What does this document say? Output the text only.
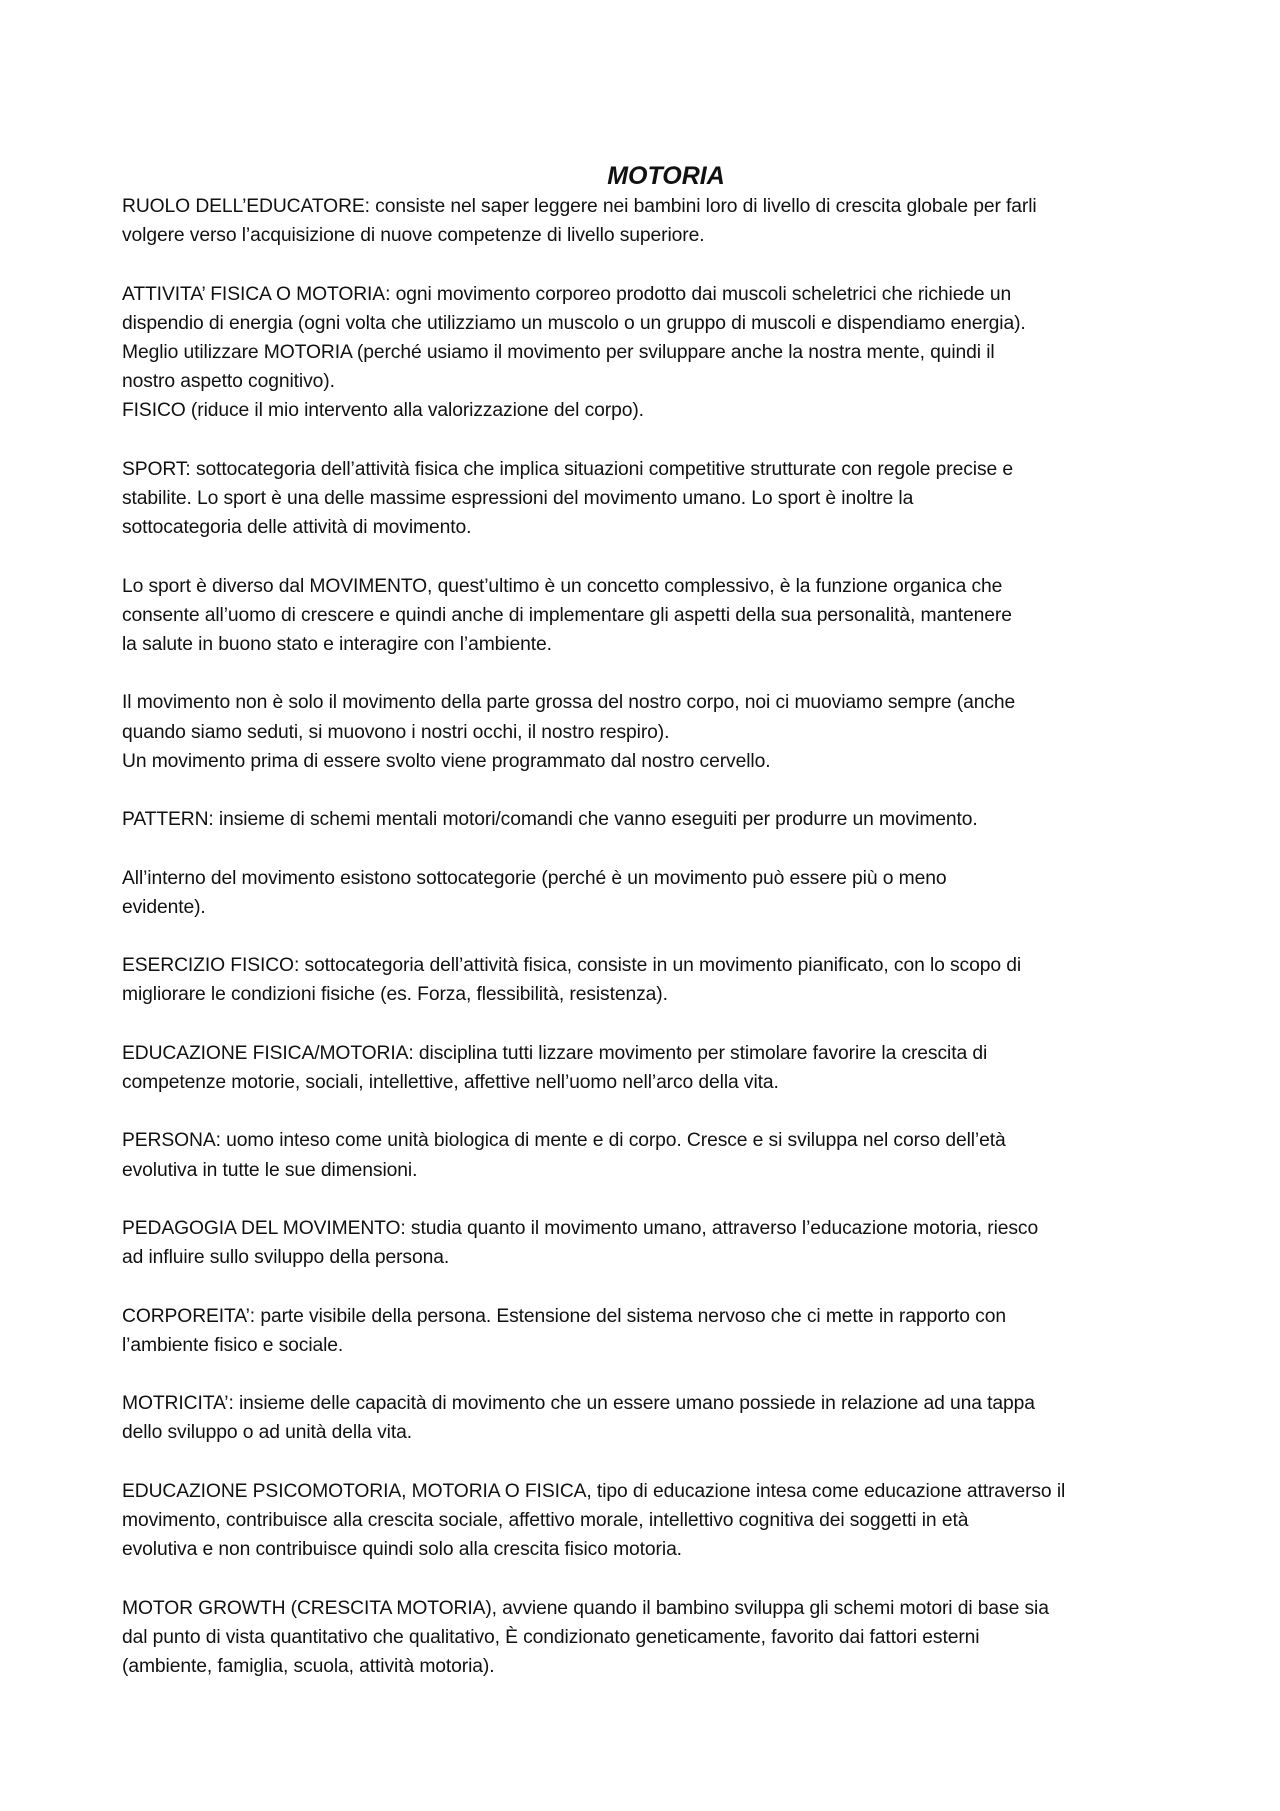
MOTORIA

RUOLO DELL’EDUCATORE: consiste nel saper leggere nei bambini loro di livello di crescita globale per farli
volgere verso l’acquisizione di nuove competenze di livello superiore.

ATTIVITA’ FISICA O MOTORIA: ogni movimento corporeo prodotto dai muscoli scheletrici che richiede un
dispendio di energia (ogni volta che utilizziamo un muscolo o un gruppo di muscoli e dispendiamo energia).
Meglio utilizzare MOTORIA (perché usiamo il movimento per sviluppare anche la nostra mente, quindi il
nostro aspetto cognitivo).
FISICO (riduce il mio intervento alla valorizzazione del corpo).

SPORT: sottocategoria dell’attività fisica che implica situazioni competitive strutturate con regole precise e
stabilite. Lo sport è una delle massime espressioni del movimento umano. Lo sport è inoltre la
sottocategoria delle attività di movimento.

Lo sport è diverso dal MOVIMENTO, quest’ultimo è un concetto complessivo, è la funzione organica che
consente all’uomo di crescere e quindi anche di implementare gli aspetti della sua personalità, mantenere
la salute in buono stato e interagire con l’ambiente.

Il movimento non è solo il movimento della parte grossa del nostro corpo, noi ci muoviamo sempre (anche
quando siamo seduti, si muovono i nostri occhi, il nostro respiro).
Un movimento prima di essere svolto viene programmato dal nostro cervello.

PATTERN: insieme di schemi mentali motori/comandi che vanno eseguiti per produrre un movimento.

All’interno del movimento esistono sottocategorie (perché è un movimento può essere più o meno
evidente).

ESERCIZIO FISICO: sottocategoria dell’attività fisica, consiste in un movimento pianificato, con lo scopo di
migliorare le condizioni fisiche (es. Forza, flessibilità, resistenza).

EDUCAZIONE FISICA/MOTORIA: disciplina tutti lizzare movimento per stimolare favorire la crescita di
competenze motorie, sociali, intellettive, affettive nell’uomo nell’arco della vita.

PERSONA: uomo inteso come unità biologica di mente e di corpo. Cresce e si sviluppa nel corso dell’età
evolutiva in tutte le sue dimensioni.

PEDAGOGIA DEL MOVIMENTO: studia quanto il movimento umano, attraverso l’educazione motoria, riesco
ad influire sullo sviluppo della persona.

CORPOREITA’: parte visibile della persona. Estensione del sistema nervoso che ci mette in rapporto con
l’ambiente fisico e sociale.

MOTRICITA’: insieme delle capacità di movimento che un essere umano possiede in relazione ad una tappa
dello sviluppo o ad unità della vita.

EDUCAZIONE PSICOMOTORIA, MOTORIA O FISICA, tipo di educazione intesa come educazione attraverso il
movimento, contribuisce alla crescita sociale, affettivo morale, intellettivo cognitiva dei soggetti in età
evolutiva e non contribuisce quindi solo alla crescita fisico motoria.

MOTOR GROWTH (CRESCITA MOTORIA), avviene quando il bambino sviluppa gli schemi motori di base sia
dal punto di vista quantitativo che qualitativo, È condizionato geneticamente, favorito dai fattori esterni
(ambiente, famiglia, scuola, attività motoria).
